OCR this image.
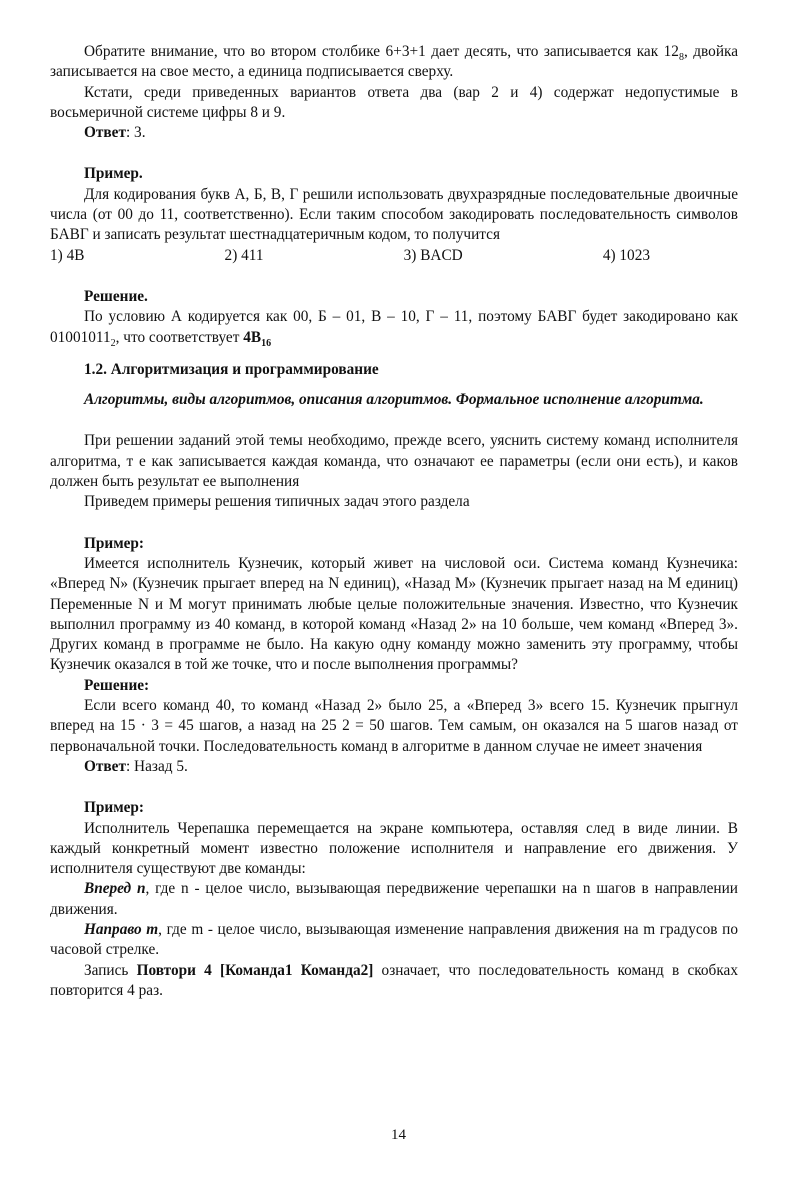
Обратите внимание, что во втором столбике 6+3+1 дает десять, что записывается как $12_8$, двойка записывается на свое место, а единица подписывается сверху.

Кстати, среди приведенных вариантов ответа два (вар 2 и 4) содержат недопустимые в восьмеричной системе цифры 8 и 9.

Ответ: 3.

Пример.

Для кодирования букв А, Б, В, Г решили использовать двухразрядные последовательные двоичные числа (от 00 до 11, соответственно). Если таким способом закодировать последовательность символов БАВГ и записать результат шестнадцатеричным кодом, то получится

1) 4B	2) 411	3) BACD	4) 1023

Решение.

По условию А кодируется как 00, Б – 01, В – 10, Г – 11, поэтому БАВГ будет закодировано как $01001011_2$, что соответствует $4B_{16}$

1.2. Алгоритмизация и программирование

Алгоритмы, виды алгоритмов, описания алгоритмов. Формальное исполнение алгоритма.

При решении заданий этой темы необходимо, прежде всего, уяснить систему команд исполнителя алгоритма, т е как записывается каждая команда, что означают ее параметры (если они есть), и каков должен быть результат ее выполнения

Приведем примеры решения типичных задач этого раздела

Пример:

Имеется исполнитель Кузнечик, который живет на числовой оси. Система команд Кузнечика: «Вперед N» (Кузнечик прыгает вперед на N единиц), «Назад M» (Кузнечик прыгает назад на M единиц) Переменные N и M могут принимать любые целые положительные значения. Известно, что Кузнечик выполнил программу из 40 команд, в которой команд «Назад 2» на 10 больше, чем команд «Вперед 3». Других команд в программе не было. На какую одну команду можно заменить эту программу, чтобы Кузнечик оказался в той же точке, что и после выполнения программы?

Решение:

Если всего команд 40, то команд «Назад 2» было 25, а «Вперед 3» всего 15. Кузнечик прыгнул вперед на 15 · 3 = 45 шагов, а назад на 25 2 = 50 шагов. Тем самым, он оказался на 5 шагов назад от первоначальной точки. Последовательность команд в алгоритме в данном случае не имеет значения

Ответ: Назад 5.

Пример:

Исполнитель Черепашка перемещается на экране компьютера, оставляя след в виде линии. В каждый конкретный момент известно положение исполнителя и направление его движения. У исполнителя существуют две команды:

Вперед n, где n - целое число, вызывающая передвижение черепашки на n шагов в направлении движения.

Направо m, где m - целое число, вызывающая изменение направления движения на m градусов по часовой стрелке.

Запись Повтори 4 [Команда1 Команда2] означает, что последовательность команд в скобках повторится 4 раз.

14
